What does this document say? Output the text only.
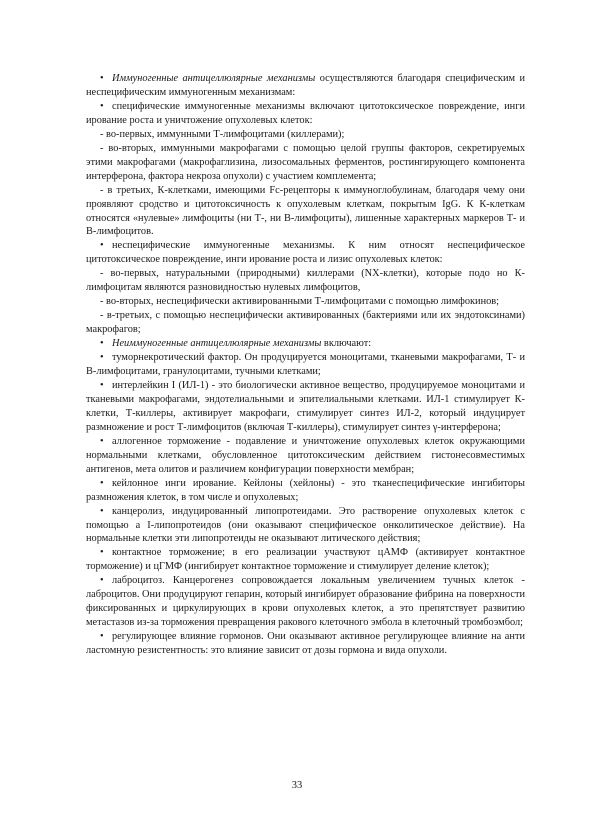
• Иммуногенные антицеллюлярные механизмы осуществляются благодаря специфическим и неспецифическим иммуногенным механизмам:

• специфические иммуногенные механизмы включают цитотоксическое повреждение, инги ирование роста и уничтожение опухолевых клеток:

- во-первых, иммунными Т-лимфоцитами (киллерами);

- во-вторых, иммунными макрофагами с помощью целой группы факторов, секретируемых этими макрофагами (макрофаглизина, лизосомальных ферментов, ростингирующего компонента интерферона, фактора некроза опухоли) с участием комплемента;

- в третьих, К-клетками, имеющими Fc-рецепторы к иммуноглобулинам, благодаря чему они проявляют сродство и цитотоксичность к опухолевым клеткам, покрытым IgG. К К-клеткам относятся «нулевые» лимфоциты (ни Т-, ни В-лимфоциты), лишенные характерных маркеров Т- и В-лимфоцитов.

• неспецифические иммуногенные механизмы. К ним относят неспецифическое цитотоксическое повреждение, инги ирование роста и лизис опухолевых клеток:

- во-первых, натуральными (природными) киллерами (NX-клетки), которые подо но К-лимфоцитам являются разновидностью нулевых лимфоцитов,

- во-вторых, неспецифически активированными Т-лимфоцитами с помощью лимфокинов;

- в-третьих, с помощью неспецифически активированных (бактериями или их эндотоксинами) макрофагов;

• Неиммуногенные антицеллюлярные механизмы включают:

• туморнекротический фактор. Он продуцируется моноцитами, тканевыми макрофагами, Т- и В-лимфоцитами, гранулоцитами, тучными клетками;

• интерлейкин I (ИЛ-1) - это биологически активное вещество, продуцируемое моноцитами и тканевыми макрофагами, эндотелиальными и эпителиальными клетками. ИЛ-1 стимулирует К-клетки, Т-киллеры, активирует макрофаги, стимулирует синтез ИЛ-2, который индуцирует размножение и рост Т-лимфоцитов (включая Т-киллеры), стимулирует синтез γ-интерферона;

• аллогенное торможение - подавление и уничтожение опухолевых клеток окружающими нормальными клетками, обусловленное цитотоксическим действием гистонесовместимых антигенов, мета олитов и различием конфигурации поверхности мембран;

• кейлонное инги ирование. Кейлоны (хейлоны) - это тканеспецифические ингибиторы размножения клеток, в том числе и опухолевых;

• канцеролиз, индуцированный липопротеидами. Это растворение опухолевых клеток с помощью a I-липопротеидов (они оказывают специфическое онколитическое действие). На нормальные клетки эти липопротеиды не оказывают литического действия;

• контактное торможение; в его реализации участвуют цАМФ (активирует контактное торможение) и цГМФ (ингибирует контактное торможение и стимулирует деление клеток);

• лаброцитоз. Канцерогенез сопровождается локальным увеличением тучных клеток - лаброцитов. Они продуцируют гепарин, который ингибирует образование фибрина на поверхности фиксированных и циркулирующих в крови опухолевых клеток, а это препятствует развитию метастазов из-за торможения превращения ракового клеточного эмбола в клеточный тромбоэмбол;

• регулирующее влияние гормонов. Они оказывают активное регулирующее влияние на анти ластомную резистентность: это влияние зависит от дозы гормона и вида опухоли.

33
